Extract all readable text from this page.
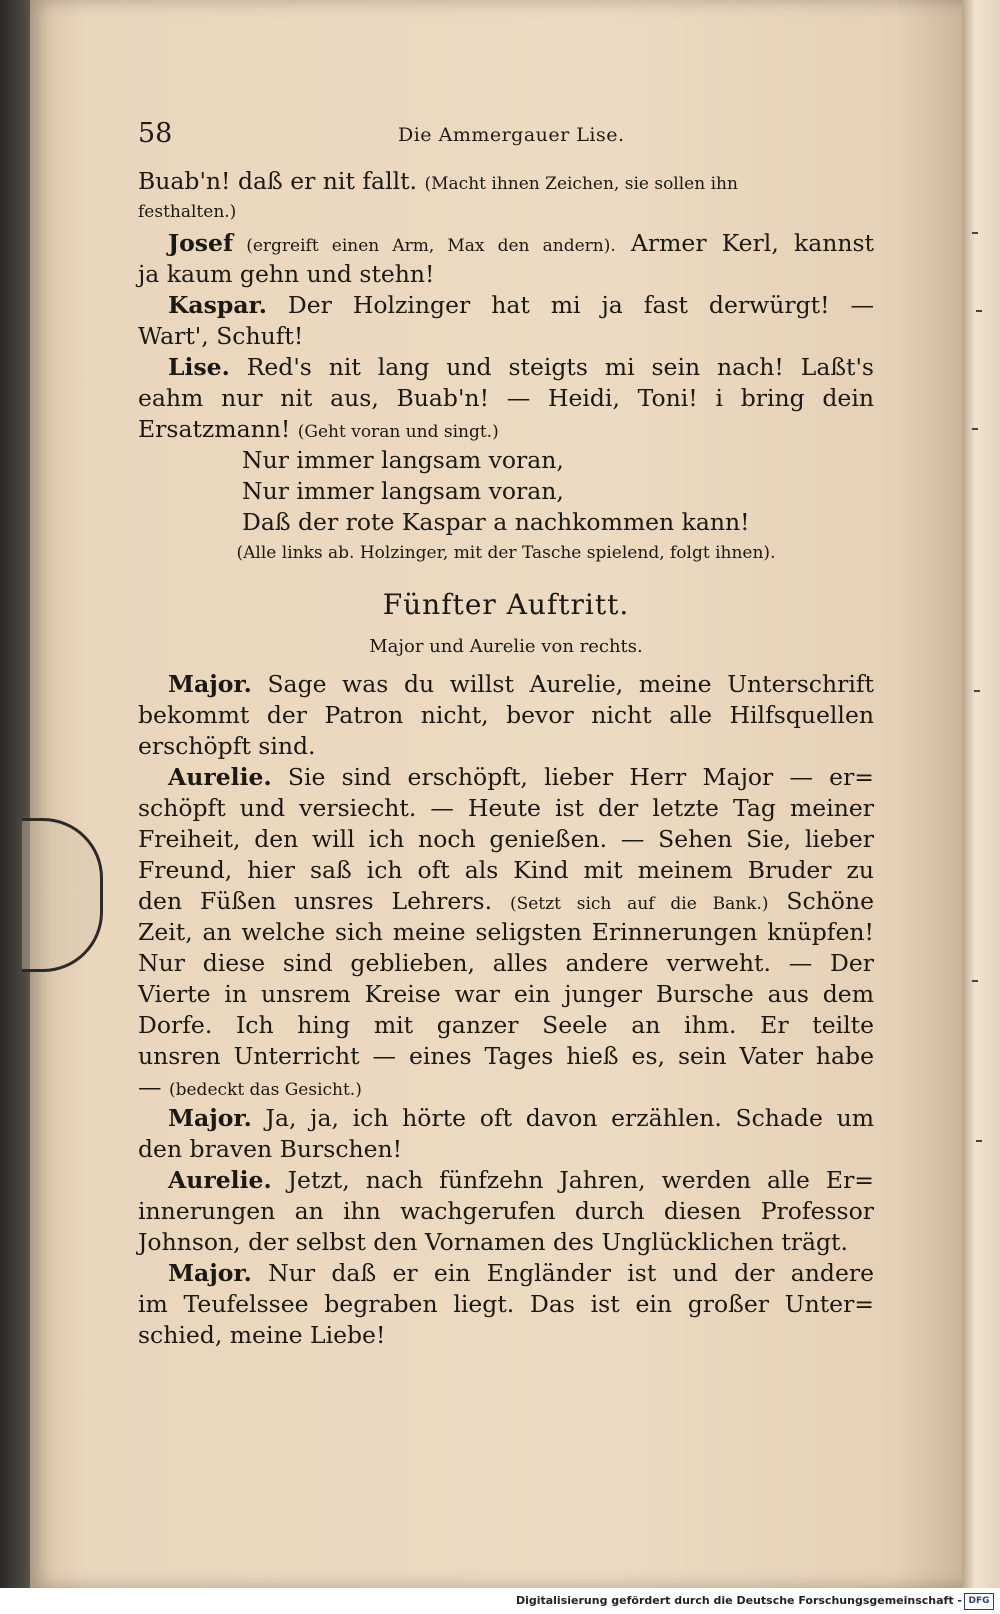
58	Die Ammergauer Lise.
Buab'n! daß er nit fallt. (Macht ihnen Zeichen, sie sollen ihn
festhalten.)
Josef (ergreift einen Arm, Max den andern). Armer Kerl, kannst
ja kaum gehn und stehn!
Kaspar. Der Holzinger hat mi ja fast derwürgt! —
Wart', Schuft!
Lise. Red's nit lang und steigts mi sein nach! Laßt's
eahm nur nit aus, Buab'n! — Heidi, Toni! i bring dein
Ersatzmann! (Geht voran und singt.)
Nur immer langsam voran,
Nur immer langsam voran,
Daß der rote Kaspar a nachkommen kann!
(Alle links ab. Holzinger, mit der Tasche spielend, folgt ihnen).
Fünfter Auftritt.
Major und Aurelie von rechts.
Major. Sage was du willst Aurelie, meine Unterschrift
bekommt der Patron nicht, bevor nicht alle Hilfsquellen
erschöpft sind.
Aurelie. Sie sind erschöpft, lieber Herr Major — er=
schöpft und versiecht. — Heute ist der letzte Tag meiner
Freiheit, den will ich noch genießen. — Sehen Sie, lieber
Freund, hier saß ich oft als Kind mit meinem Bruder zu
den Füßen unsres Lehrers. (Setzt sich auf die Bank.) Schöne
Zeit, an welche sich meine seligsten Erinnerungen knüpfen!
Nur diese sind geblieben, alles andere verweht. — Der
Vierte in unsrem Kreise war ein junger Bursche aus dem
Dorfe. Ich hing mit ganzer Seele an ihm. Er teilte
unsren Unterricht — eines Tages hieß es, sein Vater habe
— (bedeckt das Gesicht.)
Major. Ja, ja, ich hörte oft davon erzählen. Schade um
den braven Burschen!
Aurelie. Jetzt, nach fünfzehn Jahren, werden alle Er=
innerungen an ihn wachgerufen durch diesen Professor
Johnson, der selbst den Vornamen des Unglücklichen trägt.
Major. Nur daß er ein Engländer ist und der andere
im Teufelssee begraben liegt. Das ist ein großer Unter=
schied, meine Liebe!
Digitalisierung gefördert durch die Deutsche Forschungsgemeinschaft - DFG
